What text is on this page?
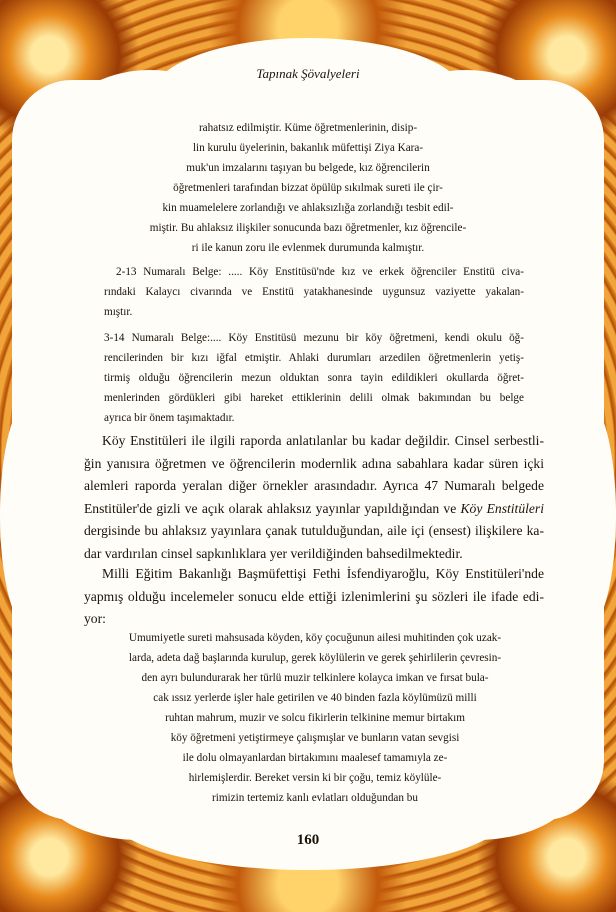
Tapınak Şövalyeleri
rahatsız edilmiştir. Küme öğretmenlerinin, disip-
lin kurulu üyelerinin, bakanlık müfettişi Ziya Kara-
muk'un imzalarını taşıyan bu belgede, kız öğrencilerin
öğretmenleri tarafından bizzat öpülüp sıkılmak sureti ile çir-
kin muamelelere zorlandığı ve ahlaksızlığa zorlandığı tesbit edil-
miştir. Bu ahlaksız ilişkiler sonucunda bazı öğretmenler, kız öğrencile-
ri ile kanun zoru ile evlenmek durumunda kalmıştır.
2-13 Numaralı Belge: ..... Köy Enstitüsü'nde kız ve erkek öğrenciler Enstitü civa-
rındaki Kalaycı civarında ve Enstitü yatakhanesinde uygunsuz vaziyette yakalan-
mıştır.
3-14 Numaralı Belge:.... Köy Enstitüsü mezunu bir köy öğretmeni, kendi okulu öğ-
rencilerinden bir kızı iğfal etmiştir. Ahlaki durumları arzedilen öğretmenlerin yetiş-
tirmiş olduğu öğrencilerin mezun olduktan sonra tayin edildikleri okullarda öğret-
menlerinden gördükleri gibi hareket ettiklerinin delili olmak bakımından bu belge
ayrıca bir önem taşımaktadır.
Köy Enstitüleri ile ilgili raporda anlatılanlar bu kadar değildir. Cinsel serbestli-
ğin yanısıra öğretmen ve öğrencilerin modernlik adına sabahlara kadar süren içki
alemleri raporda yeralan diğer örnekler arasındadır. Ayrıca 47 Numaralı belgede
Enstitüler'de gizli ve açık olarak ahlaksız yayınlar yapıldığından ve Köy Enstitüleri
dergisinde bu ahlaksız yayınlara çanak tutulduğundan, aile içi (ensest) ilişkilere ka-
dar vardırılan cinsel sapkınlıklara yer verildiğinden bahsedilmektedir.
Milli Eğitim Bakanlığı Başmüfettişi Fethi İsfendiyaroğlu, Köy Enstitüleri'nde
yapmış olduğu incelemeler sonucu elde ettiği izlenimlerini şu sözleri ile ifade edi-
yor:
Umumiyetle sureti mahsusada köyden, köy çocuğunun ailesi muhitinden çok uzak-
larda, adeta dağ başlarında kurulup, gerek köylülerin ve gerek şehirlilerin çevresin-
den ayrı bulundurarak her türlü muzir telkinlere kolayca imkan ve fırsat bula-
cak ıssız yerlerde işler hale getirilen ve 40 binden fazla köylümüzü milli
ruhtan mahrum, muzir ve solcu fikirlerin telkinine memur birtakım
köy öğretmeni yetiştirmeye çalışmışlar ve bunların vatan sevgisi
ile dolu olmayanlardan birtakımını maalesef tamamıyla ze-
hirlemişlerdir. Bereket versin ki bir çoğu, temiz köylüle-
rimizin tertemiz kanlı evlatları olduğundan bu
160
